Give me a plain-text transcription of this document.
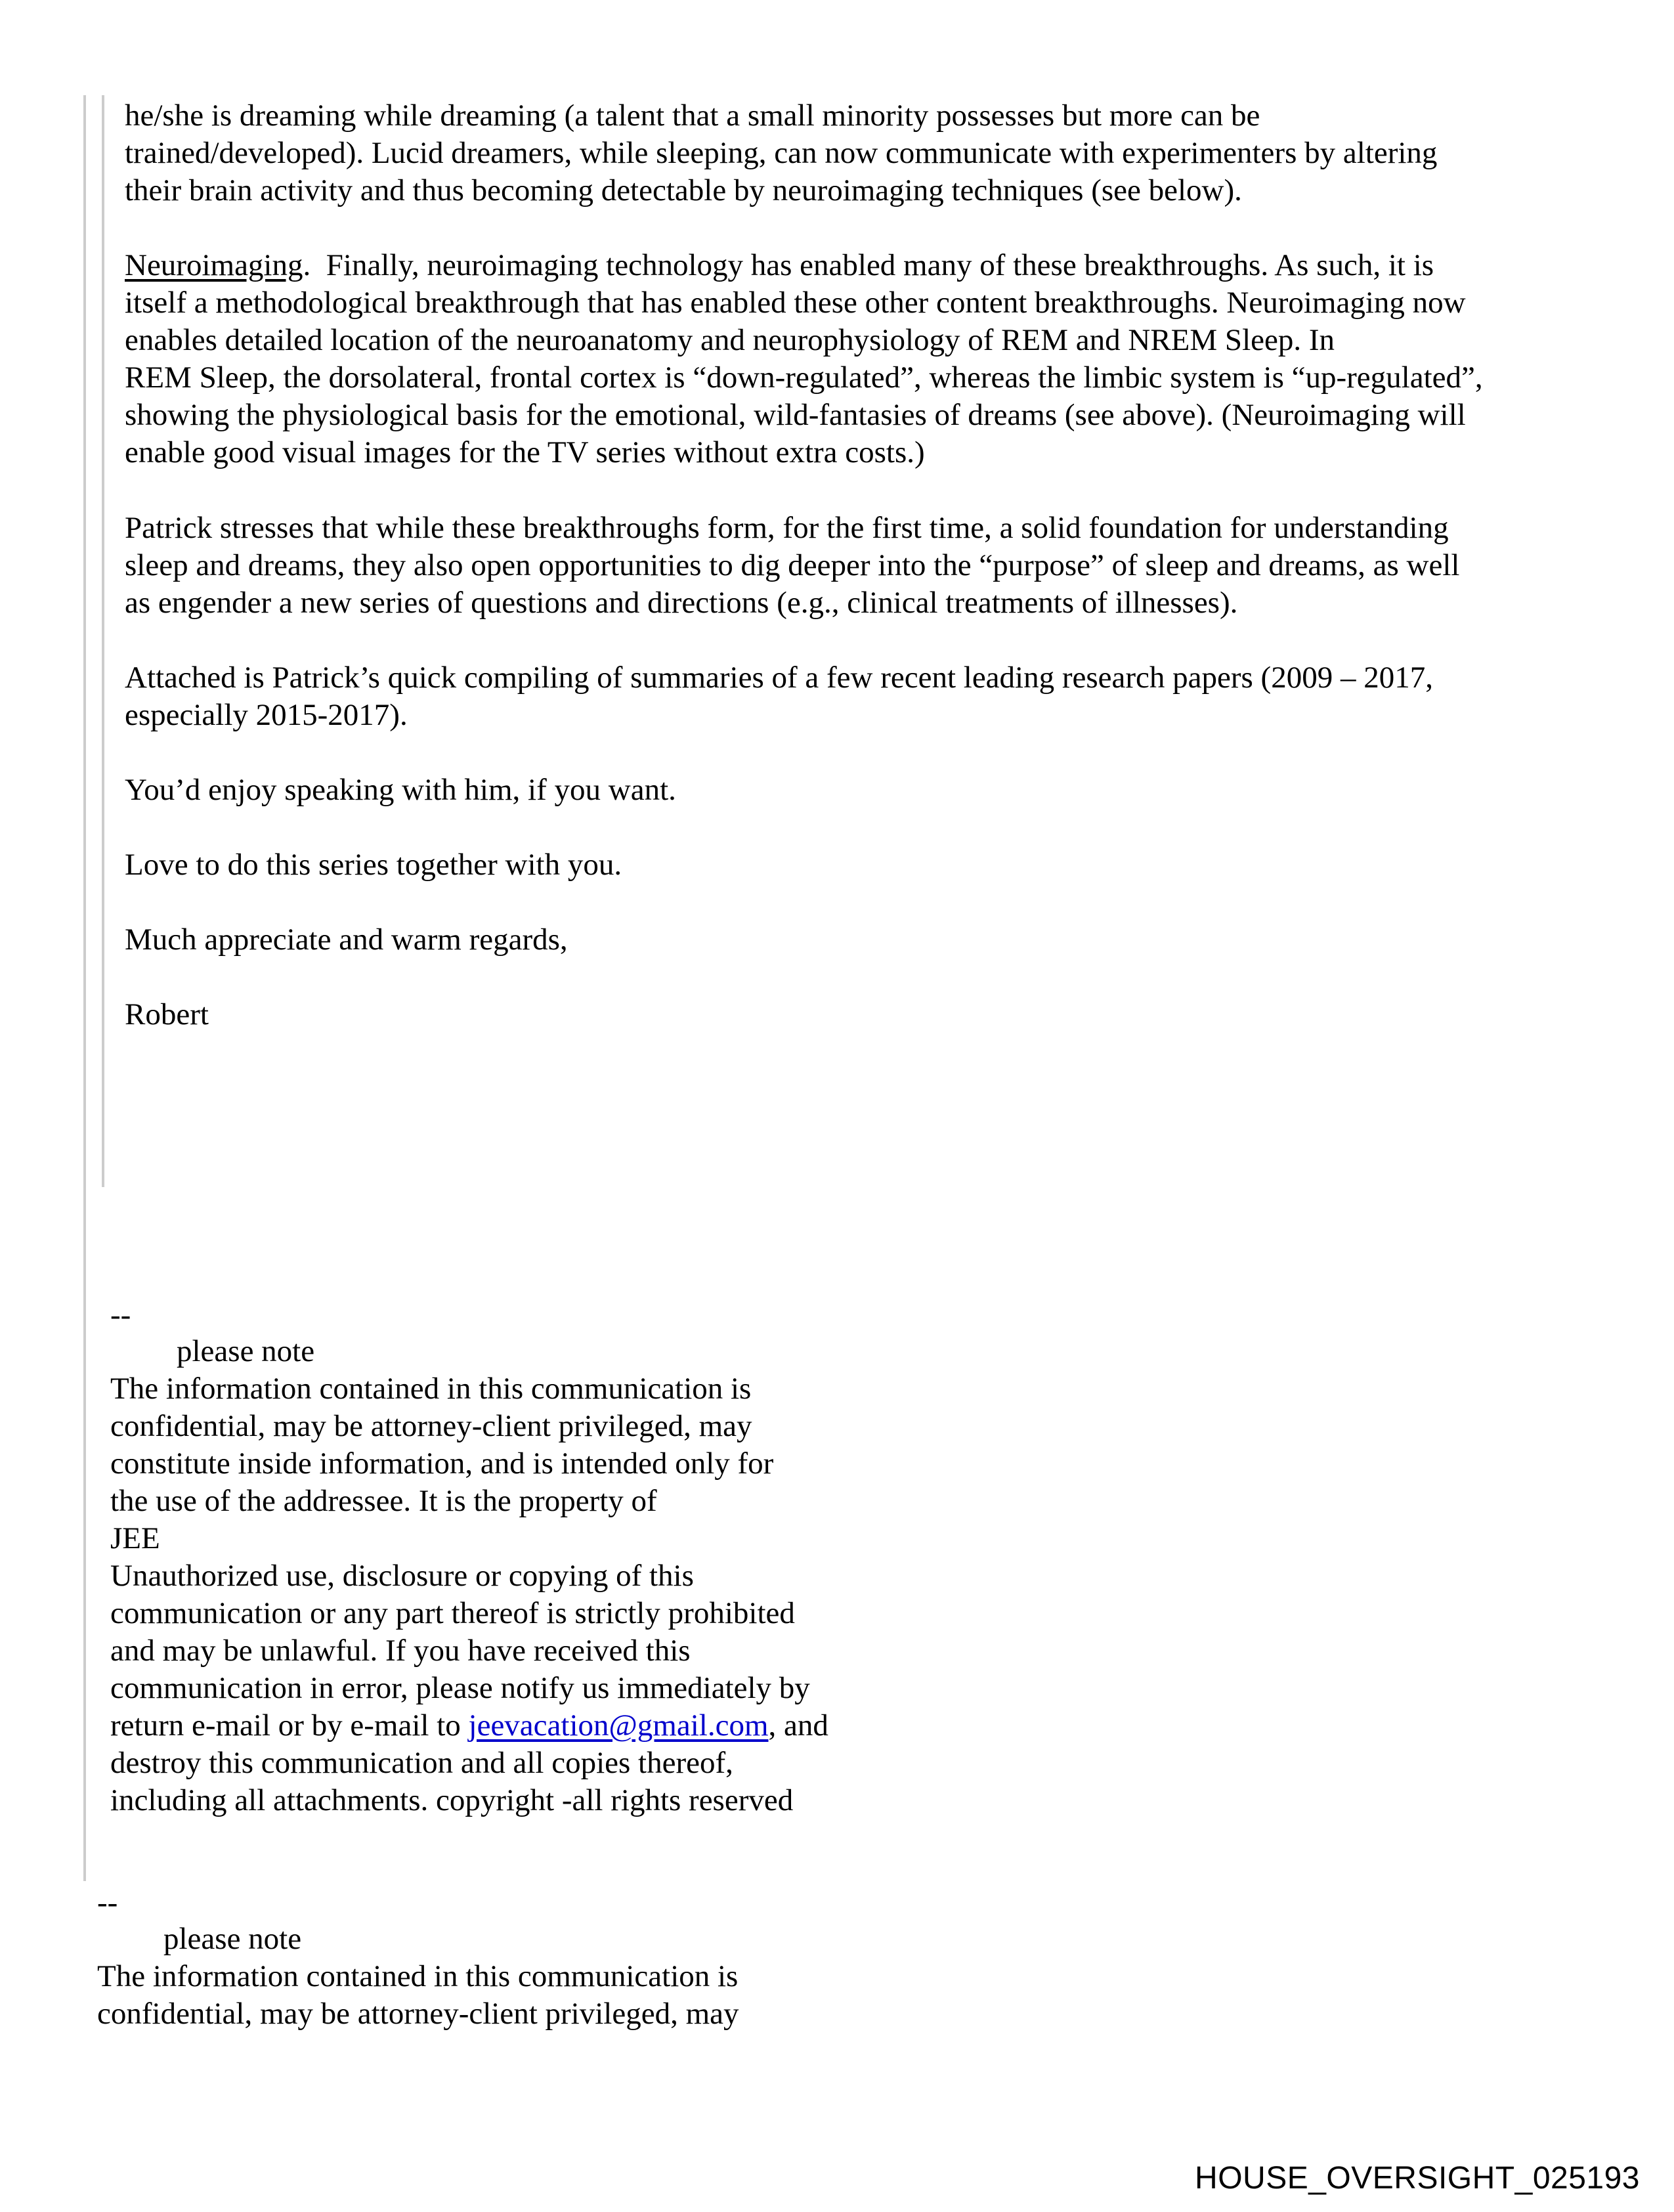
he/she is dreaming while dreaming (a talent that a small minority possesses but more can be
trained/developed). Lucid dreamers, while sleeping, can now communicate with experimenters by altering
their brain activity and thus becoming detectable by neuroimaging techniques (see below).
Neuroimaging.  Finally, neuroimaging technology has enabled many of these breakthroughs. As such, it is
itself a methodological breakthrough that has enabled these other content breakthroughs. Neuroimaging now
enables detailed location of the neuroanatomy and neurophysiology of REM and NREM Sleep. In
REM Sleep, the dorsolateral, frontal cortex is “down-regulated”, whereas the limbic system is “up-regulated”,
showing the physiological basis for the emotional, wild-fantasies of dreams (see above). (Neuroimaging will
enable good visual images for the TV series without extra costs.)
Patrick stresses that while these breakthroughs form, for the first time, a solid foundation for understanding
sleep and dreams, they also open opportunities to dig deeper into the “purpose” of sleep and dreams, as well
as engender a new series of questions and directions (e.g., clinical treatments of illnesses).
Attached is Patrick’s quick compiling of summaries of a few recent leading research papers (2009 – 2017,
especially 2015-2017).
You’d enjoy speaking with him, if you want.
Love to do this series together with you.
Much appreciate and warm regards,
Robert
--
please note
The information contained in this communication is
confidential, may be attorney-client privileged, may
constitute inside information, and is intended only for
the use of the addressee. It is the property of
JEE
Unauthorized use, disclosure or copying of this
communication or any part thereof is strictly prohibited
and may be unlawful. If you have received this
communication in error, please notify us immediately by
return e-mail or by e-mail to jeevacation@gmail.com, and
destroy this communication and all copies thereof,
including all attachments. copyright -all rights reserved
--
please note
The information contained in this communication is
confidential, may be attorney-client privileged, may
HOUSE_OVERSIGHT_025193
